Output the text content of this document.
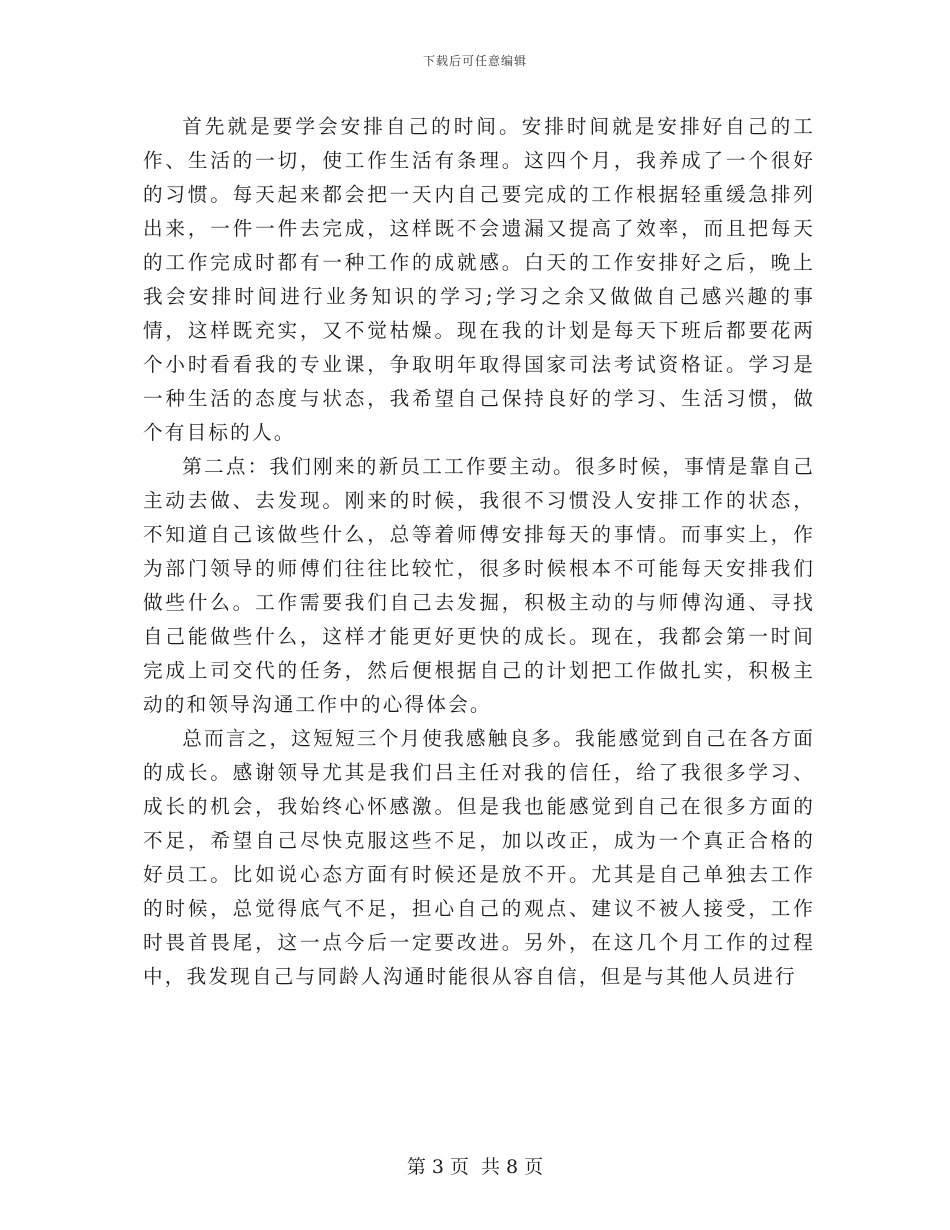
下载后可任意编辑

首先就是要学会安排自己的时间。安排时间就是安排好自己的工作、生活的一切，使工作生活有条理。这四个月，我养成了一个很好的习惯。每天起来都会把一天内自己要完成的工作根据轻重缓急排列出来，一件一件去完成，这样既不会遗漏又提高了效率，而且把每天的工作完成时都有一种工作的成就感。白天的工作安排好之后，晚上我会安排时间进行业务知识的学习;学习之余又做做自己感兴趣的事情，这样既充实，又不觉枯燥。现在我的计划是每天下班后都要花两个小时看看我的专业课，争取明年取得国家司法考试资格证。学习是一种生活的态度与状态，我希望自己保持良好的学习、生活习惯，做个有目标的人。

第二点：我们刚来的新员工工作要主动。很多时候，事情是靠自己主动去做、去发现。刚来的时候，我很不习惯没人安排工作的状态，不知道自己该做些什么，总等着师傅安排每天的事情。而事实上，作为部门领导的师傅们往往比较忙，很多时候根本不可能每天安排我们做些什么。工作需要我们自己去发掘，积极主动的与师傅沟通、寻找自己能做些什么，这样才能更好更快的成长。现在，我都会第一时间完成上司交代的任务，然后便根据自己的计划把工作做扎实，积极主动的和领导沟通工作中的心得体会。

总而言之，这短短三个月使我感触良多。我能感觉到自己在各方面的成长。感谢领导尤其是我们吕主任对我的信任，给了我很多学习、成长的机会，我始终心怀感激。但是我也能感觉到自己在很多方面的不足，希望自己尽快克服这些不足，加以改正，成为一个真正合格的好员工。比如说心态方面有时候还是放不开。尤其是自己单独去工作的时候，总觉得底气不足，担心自己的观点、建议不被人接受，工作时畏首畏尾，这一点今后一定要改进。另外，在这几个月工作的过程中，我发现自己与同龄人沟通时能很从容自信，但是与其他人员进行

第 3 页 共 8 页
